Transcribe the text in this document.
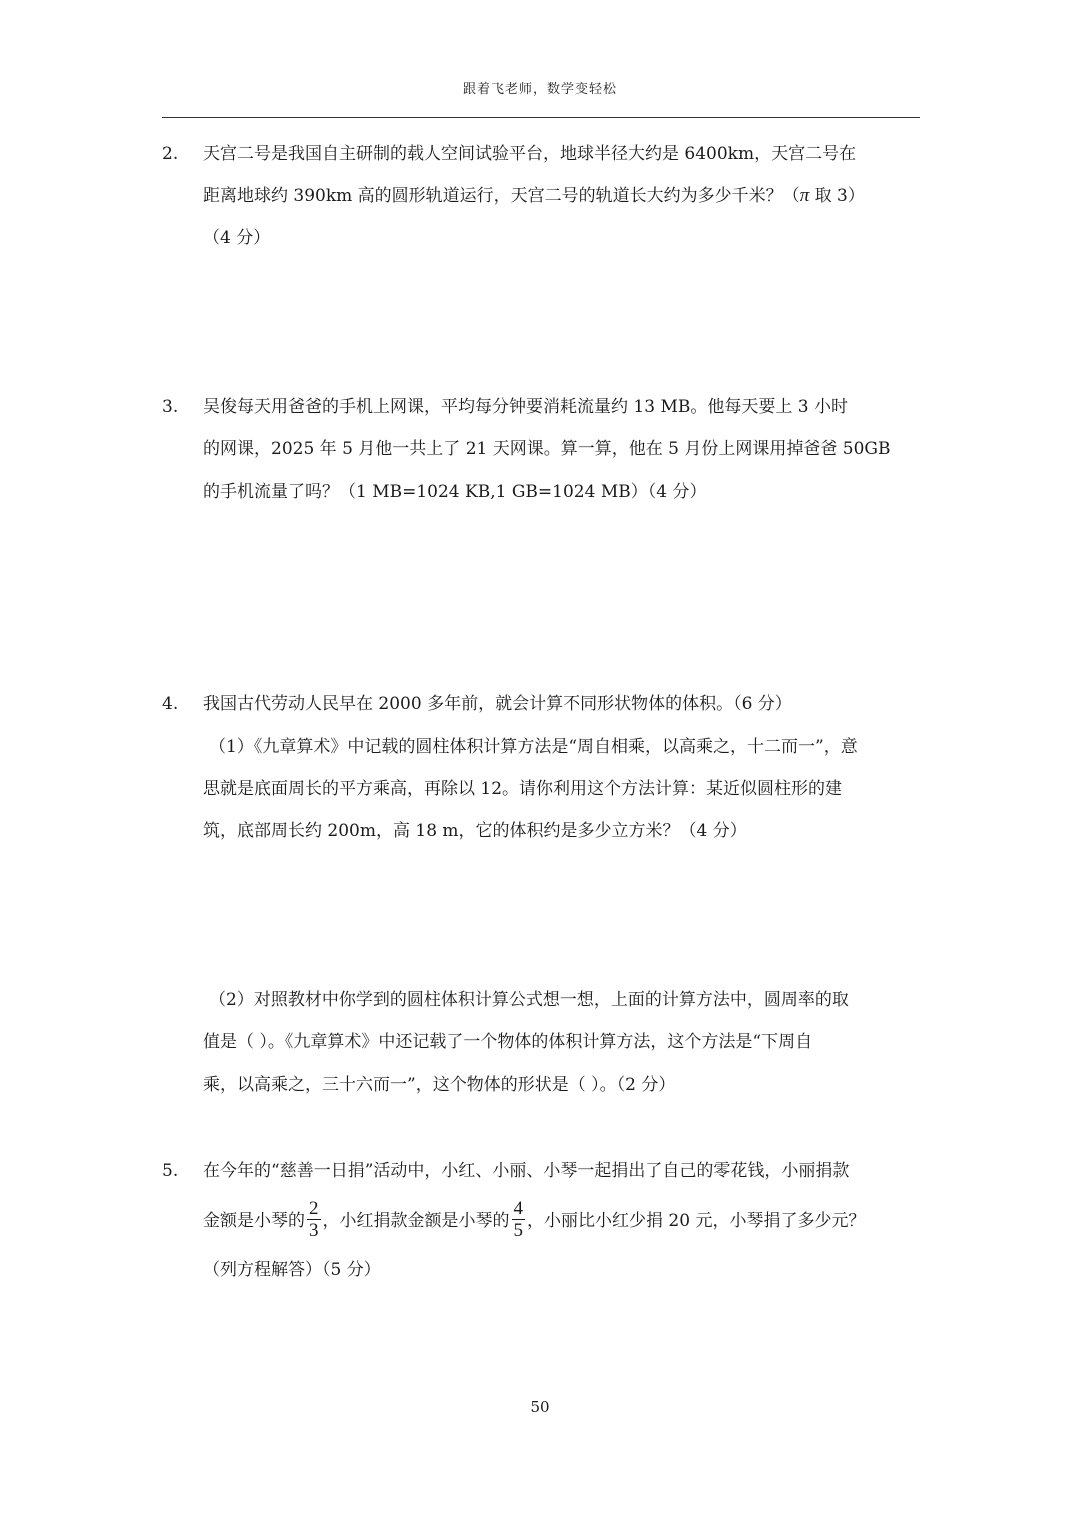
跟着飞老师，数学变轻松
2. 天宫二号是我国自主研制的载人空间试验平台，地球半径大约是 6400km，天宫二号在
距离地球约 390km 高的圆形轨道运行，天宫二号的轨道长大约为多少千米？（π 取 3）
（4 分）
3. 吴俊每天用爸爸的手机上网课，平均每分钟要消耗流量约 13 MB。他每天要上 3 小时
的网课，2025 年 5 月他一共上了 21 天网课。算一算，他在 5 月份上网课用掉爸爸 50GB
的手机流量了吗？（1 MB=1024 KB,1 GB=1024 MB）（4 分）
4. 我国古代劳动人民早在 2000 多年前，就会计算不同形状物体的体积。（6 分）
（1）《九章算术》中记载的圆柱体积计算方法是“周自相乘，以高乘之，十二而一”，意
思就是底面周长的平方乘高，再除以 12。请你利用这个方法计算：某近似圆柱形的建
筑，底部周长约 200m，高 18 m，它的体积约是多少立方米？（4 分）
（2）对照教材中你学到的圆柱体积计算公式想一想，上面的计算方法中，圆周率的取
值是（ ）。《九章算术》中还记载了一个物体的体积计算方法，这个方法是“下周自
乘，以高乘之，三十六而一”，这个物体的形状是（ ）。（2 分）
5. 在今年的“慈善一日捐”活动中，小红、小丽、小琴一起捐出了自己的零花钱，小丽捐款
金额是小琴的 $\frac{2}{3}$ ，小红捐款金额是小琴的 $\frac{4}{5}$ ，小丽比小红少捐 20 元，小琴捐了多少元？
（列方程解答）（5 分）
50
